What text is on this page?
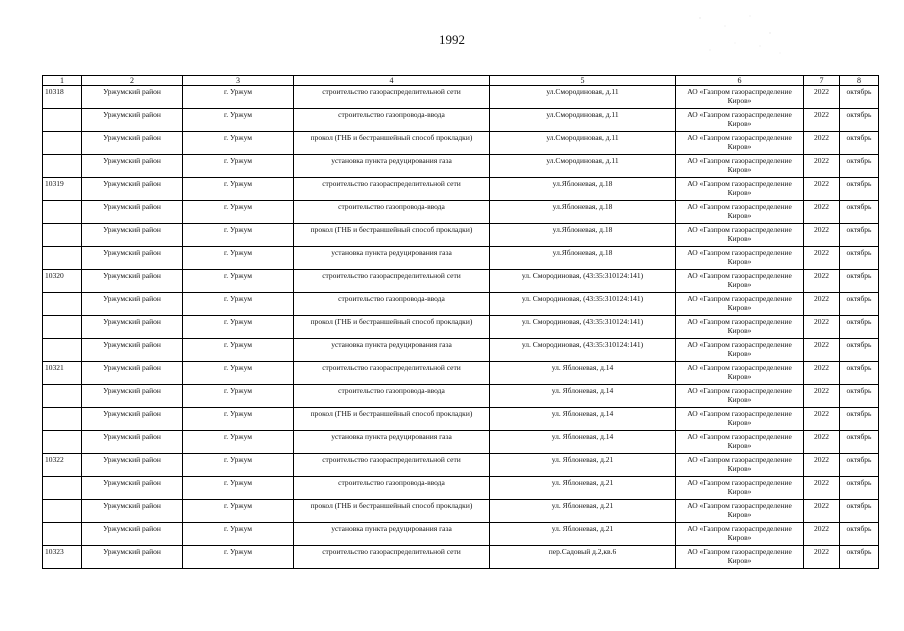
1992
1	2	3	4	5	6	7	8
10318	Уржумский район	г. Уржум	строительство газораспределительной сети	ул.Смородиновая, д.11	АО «Газпром газораспределение Киров»	2022	октябрь
	Уржумский район	г. Уржум	строительство газопровода-ввода	ул.Смородиновая, д.11	АО «Газпром газораспределение Киров»	2022	октябрь
	Уржумский район	г. Уржум	прокол (ГНБ и бестраншейный способ прокладки)	ул.Смородиновая, д.11	АО «Газпром газораспределение Киров»	2022	октябрь
	Уржумский район	г. Уржум	установка пункта редуцирования газа	ул.Смородиновая, д.11	АО «Газпром газораспределение Киров»	2022	октябрь
10319	Уржумский район	г. Уржум	строительство газораспределительной сети	ул.Яблоневая, д.18	АО «Газпром газораспределение Киров»	2022	октябрь
	Уржумский район	г. Уржум	строительство газопровода-ввода	ул.Яблоневая, д.18	АО «Газпром газораспределение Киров»	2022	октябрь
	Уржумский район	г. Уржум	прокол (ГНБ и бестраншейный способ прокладки)	ул.Яблоневая, д.18	АО «Газпром газораспределение Киров»	2022	октябрь
	Уржумский район	г. Уржум	установка пункта редуцирования газа	ул.Яблоневая, д.18	АО «Газпром газораспределение Киров»	2022	октябрь
10320	Уржумский район	г. Уржум	строительство газораспределительной сети	ул. Смородиновая, (43:35:310124:141)	АО «Газпром газораспределение Киров»	2022	октябрь
	Уржумский район	г. Уржум	строительство газопровода-ввода	ул. Смородиновая, (43:35:310124:141)	АО «Газпром газораспределение Киров»	2022	октябрь
	Уржумский район	г. Уржум	прокол (ГНБ и бестраншейный способ прокладки)	ул. Смородиновая, (43:35:310124:141)	АО «Газпром газораспределение Киров»	2022	октябрь
	Уржумский район	г. Уржум	установка пункта редуцирования газа	ул. Смородиновая, (43:35:310124:141)	АО «Газпром газораспределение Киров»	2022	октябрь
10321	Уржумский район	г. Уржум	строительство газораспределительной сети	ул. Яблоневая, д.14	АО «Газпром газораспределение Киров»	2022	октябрь
	Уржумский район	г. Уржум	строительство газопровода-ввода	ул. Яблоневая, д.14	АО «Газпром газораспределение Киров»	2022	октябрь
	Уржумский район	г. Уржум	прокол (ГНБ и бестраншейный способ прокладки)	ул. Яблоневая, д.14	АО «Газпром газораспределение Киров»	2022	октябрь
	Уржумский район	г. Уржум	установка пункта редуцирования газа	ул. Яблоневая, д.14	АО «Газпром газораспределение Киров»	2022	октябрь
10322	Уржумский район	г. Уржум	строительство газораспределительной сети	ул. Яблоневая, д.21	АО «Газпром газораспределение Киров»	2022	октябрь
	Уржумский район	г. Уржум	строительство газопровода-ввода	ул. Яблоневая, д.21	АО «Газпром газораспределение Киров»	2022	октябрь
	Уржумский район	г. Уржум	прокол (ГНБ и бестраншейный способ прокладки)	ул. Яблоневая, д.21	АО «Газпром газораспределение Киров»	2022	октябрь
	Уржумский район	г. Уржум	установка пункта редуцирования газа	ул. Яблоневая, д.21	АО «Газпром газораспределение Киров»	2022	октябрь
10323	Уржумский район	г. Уржум	строительство газораспределительной сети	пер.Садовый д.2,кв.6	АО «Газпром газораспределение Киров»	2022	октябрь
